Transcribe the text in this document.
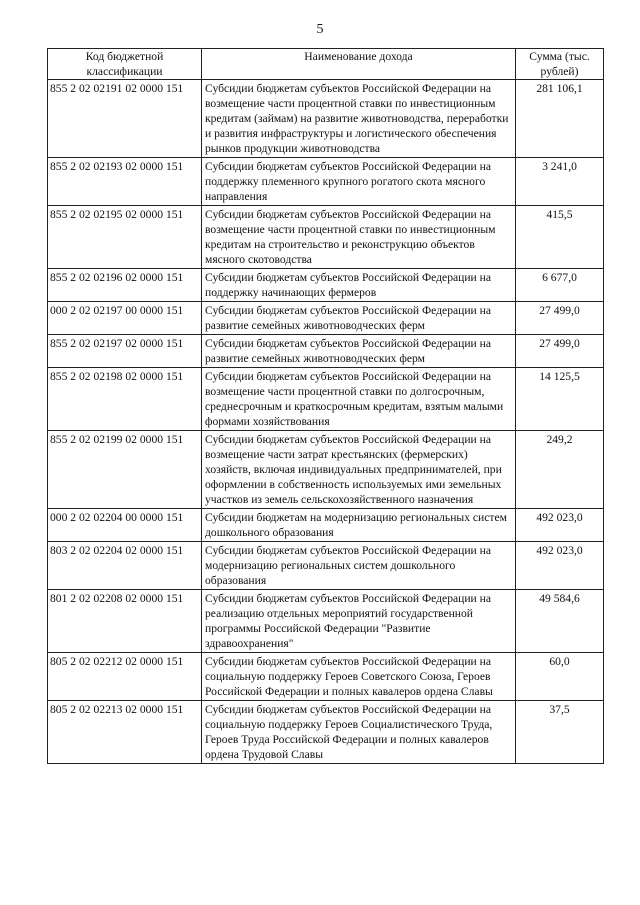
5
Код бюджетной классификации	Наименование дохода	Сумма (тыс. рублей)
855 2 02 02191 02 0000 151	Субсидии бюджетам субъектов Российской Федерации на возмещение части процентной ставки по инвестиционным кредитам (займам) на развитие животноводства, переработки и развития инфраструктуры и логистического обеспечения рынков продукции животноводства	281 106,1
855 2 02 02193 02 0000 151	Субсидии бюджетам субъектов Российской Федерации на поддержку племенного крупного рогатого скота мясного направления	3 241,0
855 2 02 02195 02 0000 151	Субсидии бюджетам субъектов Российской Федерации на возмещение части процентной ставки по инвестиционным кредитам на строительство и реконструкцию объектов мясного скотоводства	415,5
855 2 02 02196 02 0000 151	Субсидии бюджетам субъектов Российской Федерации на поддержку начинающих фермеров	6 677,0
000 2 02 02197 00 0000 151	Субсидии бюджетам субъектов Российской Федерации на развитие семейных животноводческих ферм	27 499,0
855 2 02 02197 02 0000 151	Субсидии бюджетам субъектов Российской Федерации на развитие семейных животноводческих ферм	27 499,0
855 2 02 02198 02 0000 151	Субсидии бюджетам субъектов Российской Федерации на возмещение части процентной ставки по долгосрочным, среднесрочным и краткосрочным кредитам, взятым малыми формами хозяйствования	14 125,5
855 2 02 02199 02 0000 151	Субсидии бюджетам субъектов Российской Федерации на возмещение части затрат крестьянских (фермерских) хозяйств, включая индивидуальных предпринимателей, при оформлении в собственность используемых ими земельных участков из земель сельскохозяйственного назначения	249,2
000 2 02 02204 00 0000 151	Субсидии бюджетам на модернизацию региональных систем дошкольного образования	492 023,0
803 2 02 02204 02 0000 151	Субсидии бюджетам субъектов Российской Федерации на модернизацию региональных систем дошкольного образования	492 023,0
801 2 02 02208 02 0000 151	Субсидии бюджетам субъектов Российской Федерации на реализацию отдельных мероприятий государственной программы Российской Федерации "Развитие здравоохранения"	49 584,6
805 2 02 02212 02 0000 151	Субсидии бюджетам субъектов Российской Федерации на социальную поддержку Героев Советского Союза, Героев Российской Федерации и полных кавалеров ордена Славы	60,0
805 2 02 02213 02 0000 151	Субсидии бюджетам субъектов Российской Федерации на социальную поддержку Героев Социалистического Труда, Героев Труда Российской Федерации и полных кавалеров ордена Трудовой Славы	37,5
